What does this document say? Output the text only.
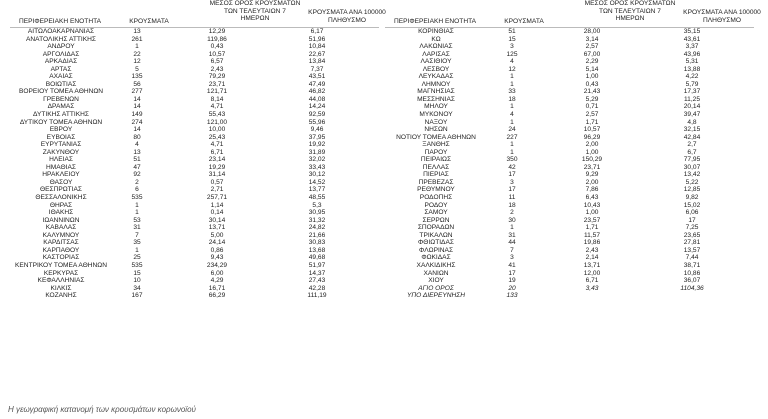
ΠΕΡΙΦΕΡΕΙΑΚΗ ΕΝΟΤΗΤΑ	ΚΡΟΥΣΜΑΤΑ
ΜΕΣΟΣ ΟΡΟΣ ΚΡΟΥΣΜΑΤΩΝ
ΤΩΝ ΤΕΛΕΥΤΑΙΩΝ 7
ΗΜΕΡΩΝ
ΚΡΟΥΣΜΑΤΑ ΑΝΑ 100000
ΠΛΗΘΥΣΜΟ
ΑΙΤΩΛΟΑΚΑΡΝΑΝΙΑΣ	13	12,29	6,17
ΑΝΑΤΟΛΙΚΗΣ ΑΤΤΙΚΗΣ	261	119,86	51,96
ΑΝΔΡΟΥ	1	0,43	10,84
ΑΡΓΟΛΙΔΑΣ	22	10,57	22,67
ΑΡΚΑΔΙΑΣ	12	6,57	13,84
ΑΡΤΑΣ	5	2,43	7,37
ΑΧΑΪΑΣ	135	79,29	43,51
ΒΟΙΩΤΙΑΣ	56	23,71	47,49
ΒΟΡΕΙΟΥ ΤΟΜΕΑ ΑΘΗΝΩΝ	277	121,71	46,82
ΓΡΕΒΕΝΩΝ	14	8,14	44,08
ΔΡΑΜΑΣ	14	4,71	14,24
ΔΥΤΙΚΗΣ ΑΤΤΙΚΗΣ	149	55,43	92,59
ΔΥΤΙΚΟΥ ΤΟΜΕΑ ΑΘΗΝΩΝ	274	121,00	55,96
ΕΒΡΟΥ	14	10,00	9,46
ΕΥΒΟΙΑΣ	80	25,43	37,95
ΕΥΡΥΤΑΝΙΑΣ	4	4,71	19,92
ΖΑΚΥΝΘΟΥ	13	6,71	31,89
ΗΛΕΙΑΣ	51	23,14	32,02
ΗΜΑΘΙΑΣ	47	19,29	33,43
ΗΡΑΚΛΕΙΟΥ	92	31,14	30,12
ΘΑΣΟΥ	2	0,57	14,52
ΘΕΣΠΡΩΤΙΑΣ	6	2,71	13,77
ΘΕΣΣΑΛΟΝΙΚΗΣ	535	257,71	48,55
ΘΗΡΑΣ	1	1,14	5,3
ΙΘΑΚΗΣ	1	0,14	30,95
ΙΩΑΝΝΙΝΩΝ	53	30,14	31,32
ΚΑΒΑΛΑΣ	31	13,71	24,82
ΚΑΛΥΜΝΟΥ	7	5,00	21,66
ΚΑΡΔΙΤΣΑΣ	35	24,14	30,83
ΚΑΡΠΑΘΟΥ	1	0,86	13,68
ΚΑΣΤΟΡΙΑΣ	25	9,43	49,68
ΚΕΝΤΡΙΚΟΥ ΤΟΜΕΑ ΑΘΗΝΩΝ	535	234,29	51,97
ΚΕΡΚΥΡΑΣ	15	6,00	14,37
ΚΕΦΑΛΛΗΝΙΑΣ	10	4,29	27,43
ΚΙΛΚΙΣ	34	16,71	42,28
ΚΟΖΑΝΗΣ	167	66,29	111,19
ΠΕΡΙΦΕΡΕΙΑΚΗ ΕΝΟΤΗΤΑ	ΚΡΟΥΣΜΑΤΑ
ΜΕΣΟΣ ΟΡΟΣ ΚΡΟΥΣΜΑΤΩΝ
ΤΩΝ ΤΕΛΕΥΤΑΙΩΝ 7
ΗΜΕΡΩΝ
ΚΡΟΥΣΜΑΤΑ ΑΝΑ 100000
ΠΛΗΘΥΣΜΟ
ΚΟΡΙΝΘΙΑΣ	51	28,00	35,15
ΚΩ	15	3,14	43,61
ΛΑΚΩΝΙΑΣ	3	2,57	3,37
ΛΑΡΙΣΑΣ	125	67,00	43,96
ΛΑΣΙΘΙΟΥ	4	2,29	5,31
ΛΕΣΒΟΥ	12	5,14	13,88
ΛΕΥΚΑΔΑΣ	1	1,00	4,22
ΛΗΜΝΟΥ	1	0,43	5,79
ΜΑΓΝΗΣΙΑΣ	33	21,43	17,37
ΜΕΣΣΗΝΙΑΣ	18	5,29	11,25
ΜΗΛΟΥ	1	0,71	20,14
ΜΥΚΟΝΟΥ	4	2,57	39,47
ΝΑΞΟΥ	1	1,71	4,8
ΝΗΣΩΝ	24	10,57	32,15
ΝΟΤΙΟΥ ΤΟΜΕΑ ΑΘΗΝΩΝ	227	96,29	42,84
ΞΑΝΘΗΣ	1	2,00	2,7
ΠΑΡΟΥ	1	1,00	6,7
ΠΕΙΡΑΙΩΣ	350	150,29	77,95
ΠΕΛΛΑΣ	42	23,71	30,07
ΠΙΕΡΙΑΣ	17	9,29	13,42
ΠΡΕΒΕΖΑΣ	3	2,00	5,22
ΡΕΘΥΜΝΟΥ	17	7,86	12,85
ΡΟΔΟΠΗΣ	11	6,43	9,82
ΡΟΔΟΥ	18	10,43	15,02
ΣΑΜΟΥ	2	1,00	6,06
ΣΕΡΡΩΝ	30	23,57	17
ΣΠΟΡΑΔΩΝ	1	1,71	7,25
ΤΡΙΚΑΛΩΝ	31	11,57	23,65
ΦΘΙΩΤΙΔΑΣ	44	19,86	27,81
ΦΛΩΡΙΝΑΣ	7	2,43	13,57
ΦΩΚΙΔΑΣ	3	2,14	7,44
ΧΑΛΚΙΔΙΚΗΣ	41	13,71	38,71
ΧΑΝΙΩΝ	17	12,00	10,86
ΧΙΟΥ	19	6,71	36,07
ΑΓΙΟ ΟΡΟΣ	20	3,43	1104,36
ΥΠΟ ΔΙΕΡΕΥΝΗΣΗ	133
Η γεωγραφική κατανομή των κρουσμάτων κορωνοϊού
